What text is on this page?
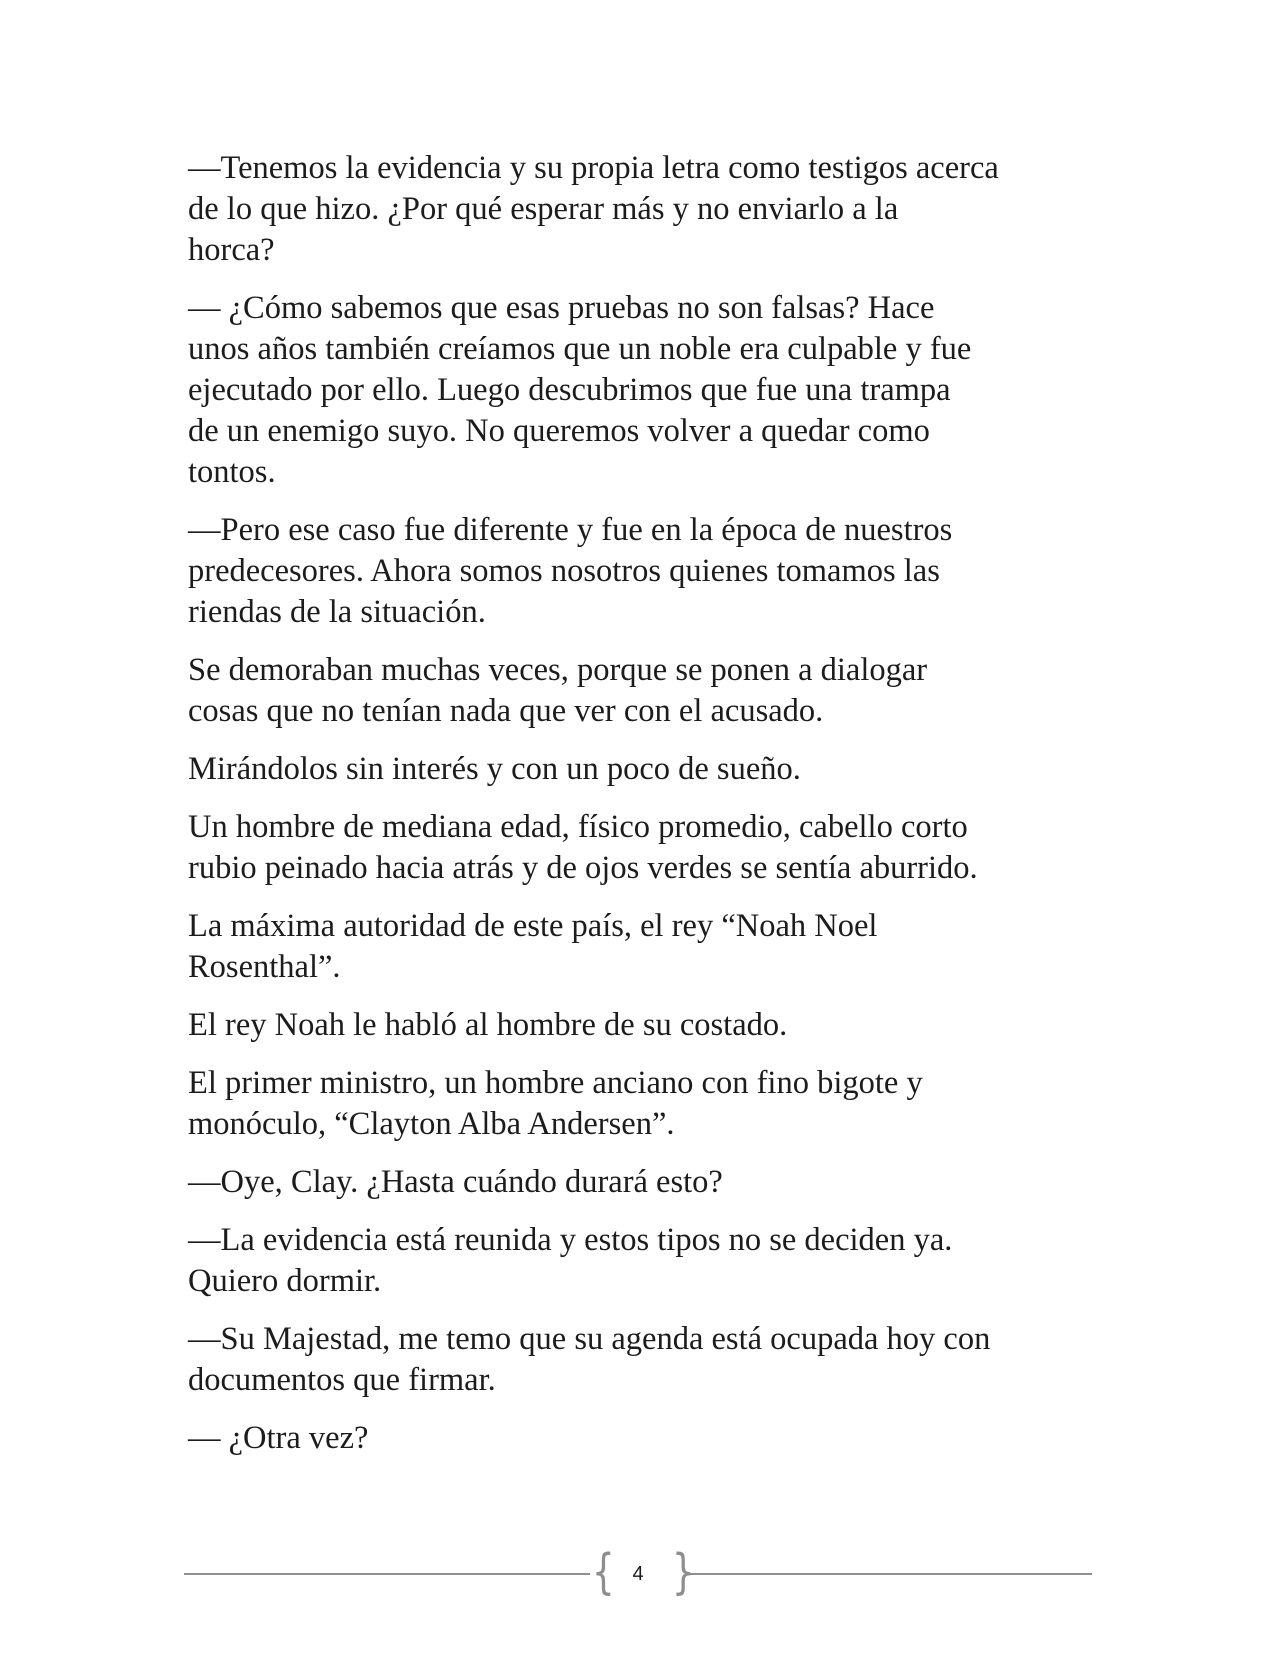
—Tenemos la evidencia y su propia letra como testigos acerca
de lo que hizo. ¿Por qué esperar más y no enviarlo a la
horca?

— ¿Cómo sabemos que esas pruebas no son falsas? Hace
unos años también creíamos que un noble era culpable y fue
ejecutado por ello. Luego descubrimos que fue una trampa
de un enemigo suyo. No queremos volver a quedar como
tontos.

—Pero ese caso fue diferente y fue en la época de nuestros
predecesores. Ahora somos nosotros quienes tomamos las
riendas de la situación.

Se demoraban muchas veces, porque se ponen a dialogar
cosas que no tenían nada que ver con el acusado.

Mirándolos sin interés y con un poco de sueño.

Un hombre de mediana edad, físico promedio, cabello corto
rubio peinado hacia atrás y de ojos verdes se sentía aburrido.

La máxima autoridad de este país, el rey “Noah Noel
Rosenthal”.

El rey Noah le habló al hombre de su costado.

El primer ministro, un hombre anciano con fino bigote y
monóculo, “Clayton Alba Andersen”.

—Oye, Clay. ¿Hasta cuándo durará esto?

—La evidencia está reunida y estos tipos no se deciden ya.
Quiero dormir.

—Su Majestad, me temo que su agenda está ocupada hoy con
documentos que firmar.

— ¿Otra vez?

{ 4 }
